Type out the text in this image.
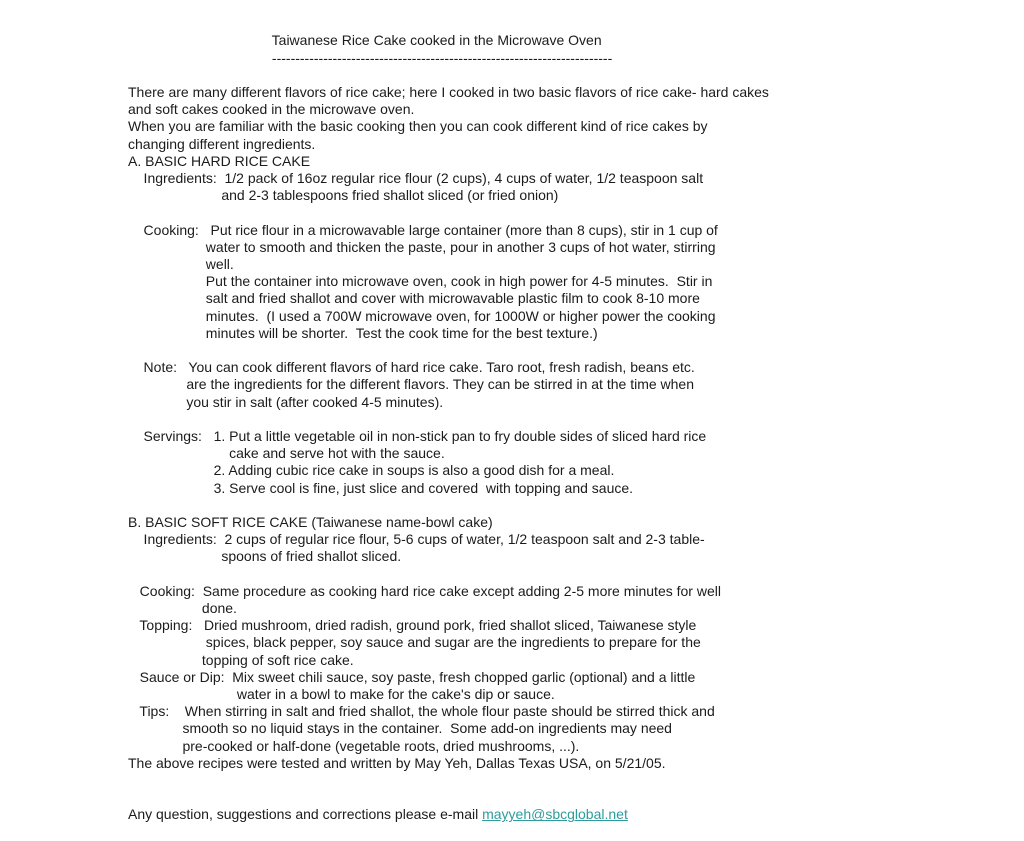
Taiwanese Rice Cake cooked in the Microwave Oven
-------------------------------------------------------------------------
There are many different flavors of rice cake; here I cooked in two basic flavors of rice cake- hard cakes
and soft cakes cooked in the microwave oven.
When you are familiar with the basic cooking then you can cook different kind of rice cakes by
changing different ingredients.
A. BASIC HARD RICE CAKE
Ingredients:  1/2 pack of 16oz regular rice flour (2 cups), 4 cups of water, 1/2 teaspoon salt
and 2-3 tablespoons fried shallot sliced (or fried onion)
Cooking:   Put rice flour in a microwavable large container (more than 8 cups), stir in 1 cup of
water to smooth and thicken the paste, pour in another 3 cups of hot water, stirring
well.
Put the container into microwave oven, cook in high power for 4-5 minutes.  Stir in
salt and fried shallot and cover with microwavable plastic film to cook 8-10 more
minutes.  (I used a 700W microwave oven, for 1000W or higher power the cooking
minutes will be shorter.  Test the cook time for the best texture.)
Note:   You can cook different flavors of hard rice cake. Taro root, fresh radish, beans etc.
are the ingredients for the different flavors. They can be stirred in at the time when
you stir in salt (after cooked 4-5 minutes).
Servings:   1. Put a little vegetable oil in non-stick pan to fry double sides of sliced hard rice
cake and serve hot with the sauce.
2. Adding cubic rice cake in soups is also a good dish for a meal.
3. Serve cool is fine, just slice and covered  with topping and sauce.
B. BASIC SOFT RICE CAKE (Taiwanese name-bowl cake)
Ingredients:  2 cups of regular rice flour, 5-6 cups of water, 1/2 teaspoon salt and 2-3 table-
spoons of fried shallot sliced.
Cooking:  Same procedure as cooking hard rice cake except adding 2-5 more minutes for well
done.
Topping:   Dried mushroom, dried radish, ground pork, fried shallot sliced, Taiwanese style
spices, black pepper, soy sauce and sugar are the ingredients to prepare for the
topping of soft rice cake.
Sauce or Dip:  Mix sweet chili sauce, soy paste, fresh chopped garlic (optional) and a little
water in a bowl to make for the cake's dip or sauce.
Tips:    When stirring in salt and fried shallot, the whole flour paste should be stirred thick and
smooth so no liquid stays in the container.  Some add-on ingredients may need
pre-cooked or half-done (vegetable roots, dried mushrooms, ...).
The above recipes were tested and written by May Yeh, Dallas Texas USA, on 5/21/05.

Any question, suggestions and corrections please e-mail mayyeh@sbcglobal.net
